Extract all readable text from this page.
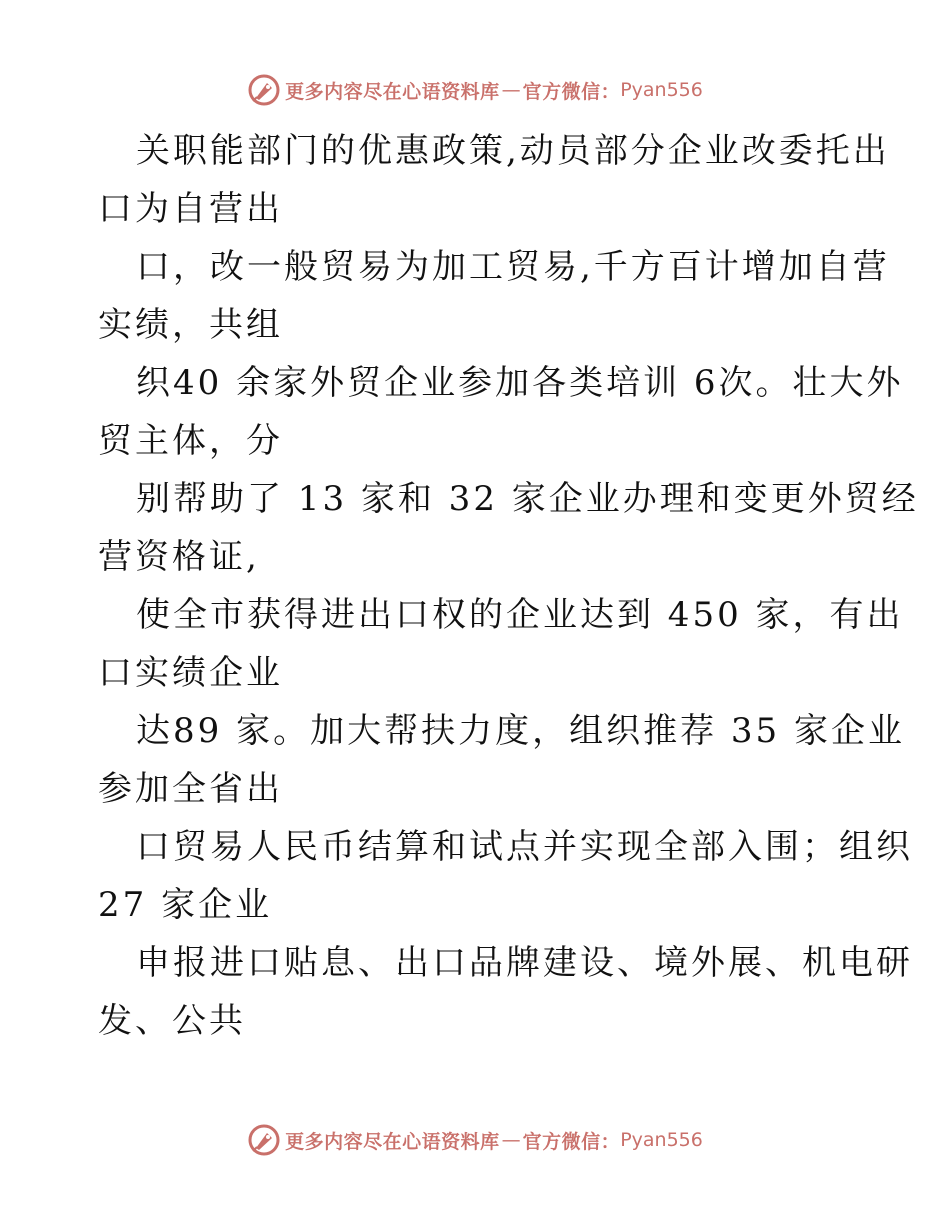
更多内容尽在心语资料库 — 官方微信： Pyan556
关职能部门的优惠政策,动员部分企业改委托出
口为自营出
口，改一般贸易为加工贸易,千方百计增加自营
实绩，共组
织40 余家外贸企业参加各类培训 6次。壮大外
贸主体，分
别帮助了 13 家和 32 家企业办理和变更外贸经
营资格证,
使全市获得进出口权的企业达到 450 家，有出
口实绩企业
达89 家。加大帮扶力度，组织推荐 35 家企业
参加全省出
口贸易人民币结算和试点并实现全部入围；组织
27 家企业
申报进口贴息、出口品牌建设、境外展、机电研
发、公共
更多内容尽在心语资料库 — 官方微信： Pyan556
